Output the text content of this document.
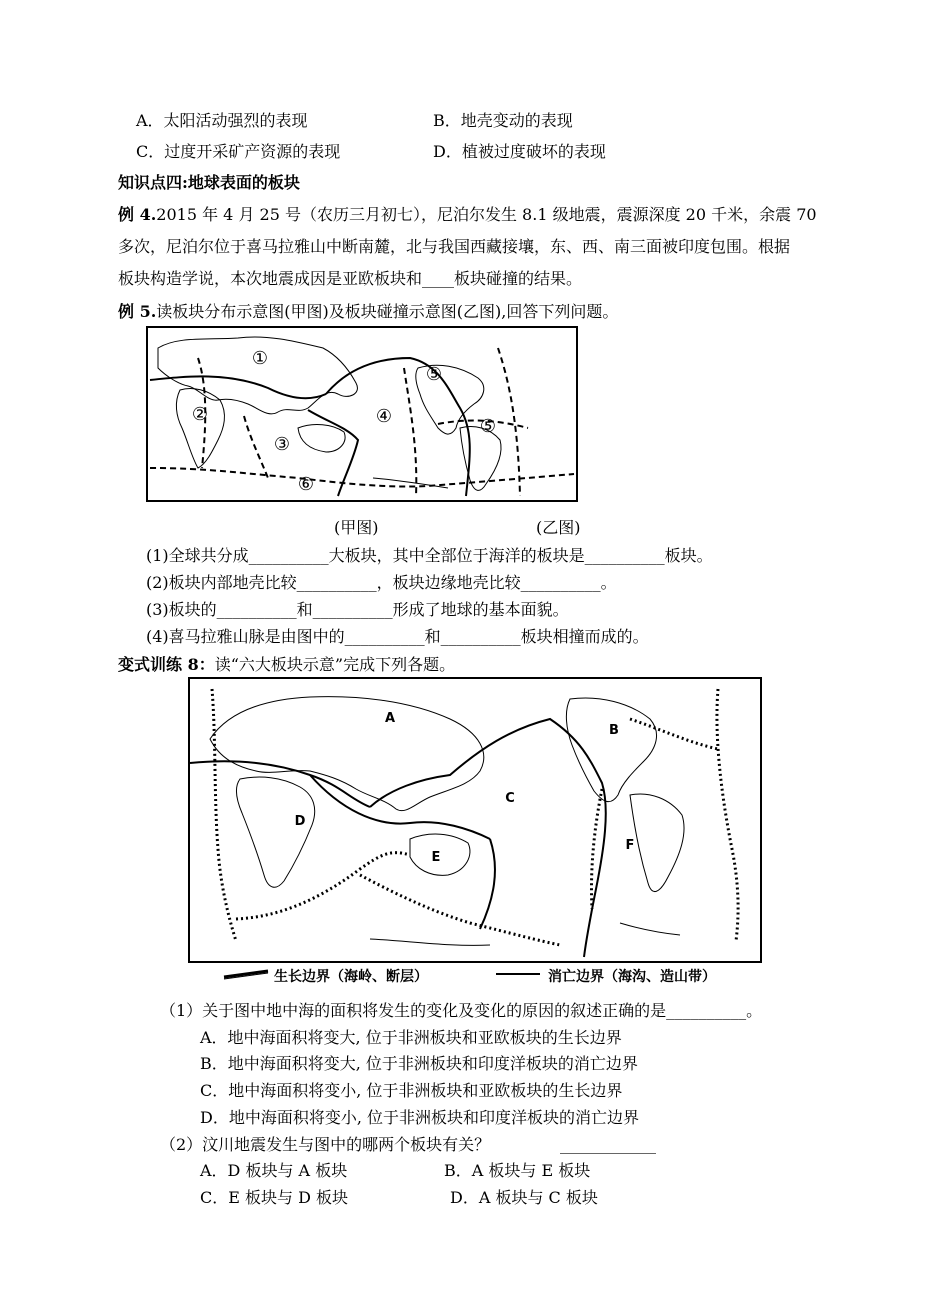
A．太阳活动强烈的表现	B．地壳变动的表现
C．过度开采矿产资源的表现	D．植被过度破坏的表现
知识点四:地球表面的板块
例 4.2015 年 4 月 25 号（农历三月初七），尼泊尔发生 8.1 级地震，震源深度 20 千米，余震 70
多次，尼泊尔位于喜马拉雅山中断南麓，北与我国西藏接壤，东、西、南三面被印度包围。根据
板块构造学说，本次地震成因是亚欧板块和____板块碰撞的结果。
例 5.读板块分布示意图(甲图)及板块碰撞示意图(乙图),回答下列问题。
①
②
③
④
⑤
⑤
⑥
(甲图)	(乙图)
(1)全球共分成__________大板块，其中全部位于海洋的板块是__________板块。
(2)板块内部地壳比较__________，板块边缘地壳比较__________。
(3)板块的__________和__________形成了地球的基本面貌。
(4)喜马拉雅山脉是由图中的__________和__________板块相撞而成的。
变式训练 8：读“六大板块示意”完成下列各题。
A
B
C
D
E
F
生长边界（海岭、断层）	消亡边界（海沟、造山带）
（1）关于图中地中海的面积将发生的变化及变化的原因的叙述正确的是__________。
A．地中海面积将变大, 位于非洲板块和亚欧板块的生长边界
B．地中海面积将变大, 位于非洲板块和印度洋板块的消亡边界
C．地中海面积将变小, 位于非洲板块和亚欧板块的生长边界
D．地中海面积将变小, 位于非洲板块和印度洋板块的消亡边界
（2）汶川地震发生与图中的哪两个板块有关？	____________
A．D 板块与 A 板块	B．A 板块与 E 板块
C．E 板块与 D 板块	D．A 板块与 C 板块
